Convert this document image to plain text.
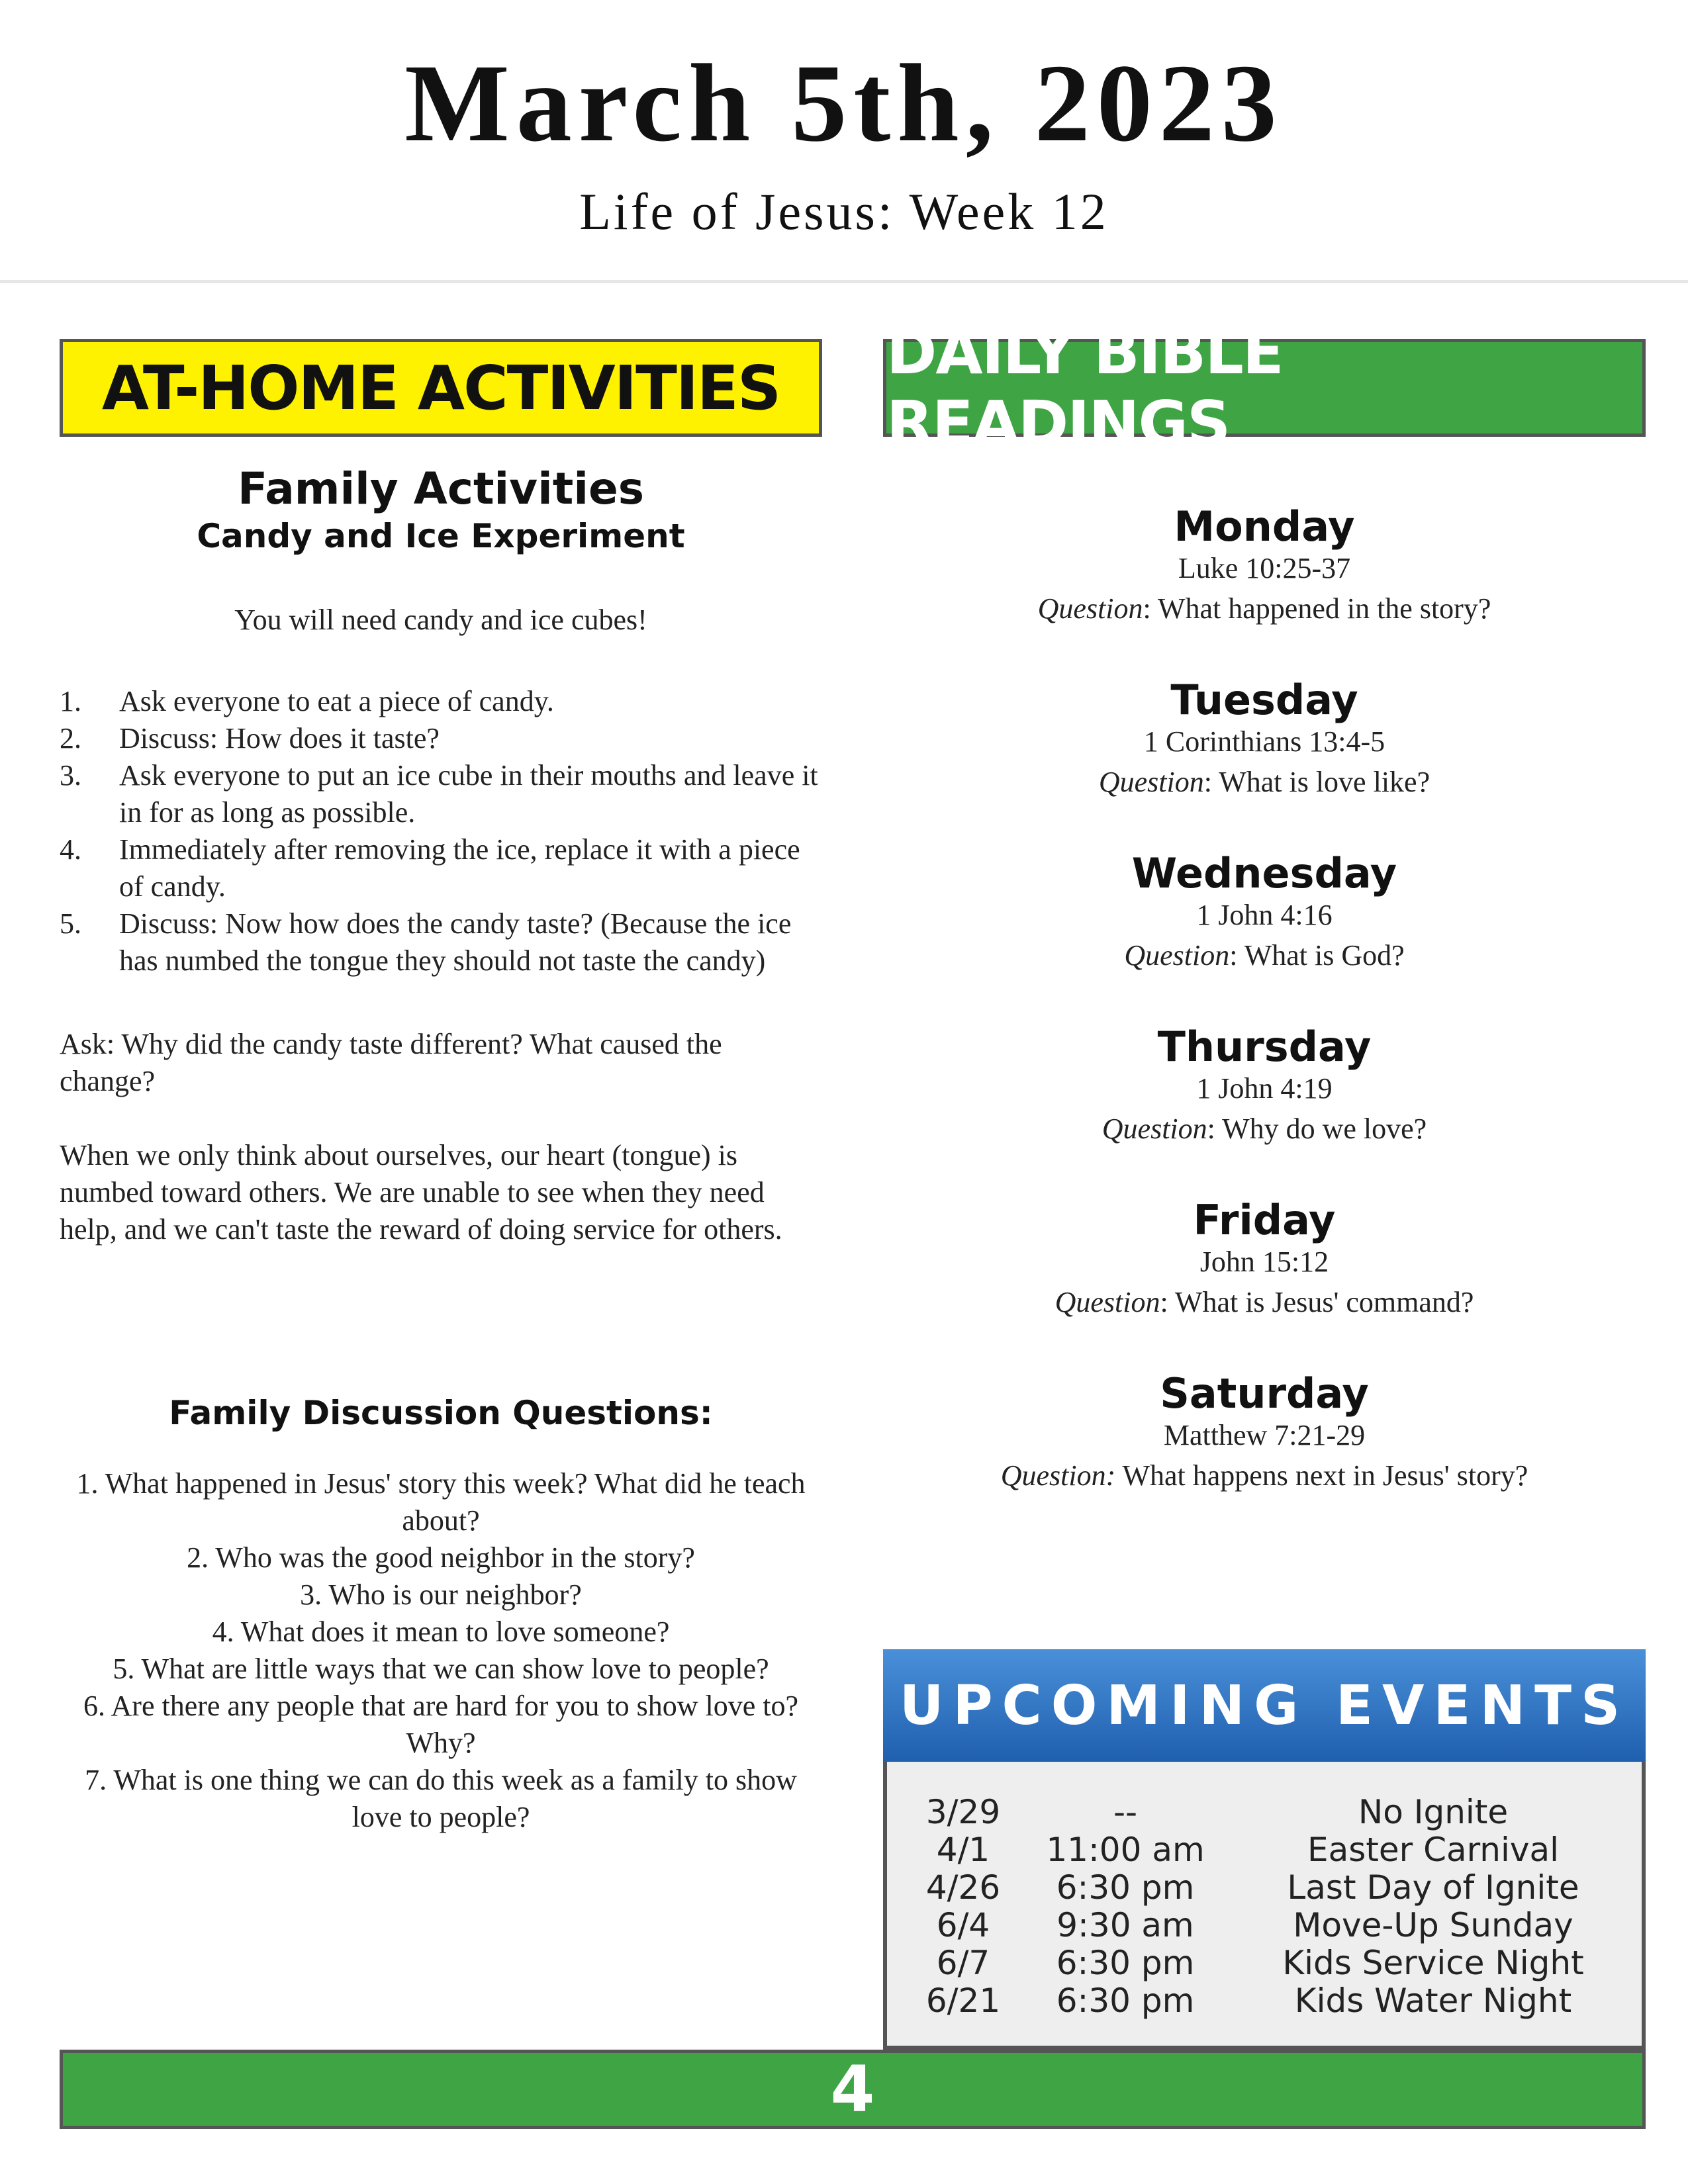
March 5th, 2023
Life of Jesus: Week 12
AT-HOME ACTIVITIES	DAILY BIBLE READINGS
Family Activities
Candy and Ice Experiment
You will need candy and ice cubes!
1. Ask everyone to eat a piece of candy.
2. Discuss: How does it taste?
3. Ask everyone to put an ice cube in their mouths and leave it in for as long as possible.
4. Immediately after removing the ice, replace it with a piece of candy.
5. Discuss: Now how does the candy taste? (Because the ice has numbed the tongue they should not taste the candy)

Ask: Why did the candy taste different? What caused the change?

When we only think about ourselves, our heart (tongue) is numbed toward others. We are unable to see when they need help, and we can't taste the reward of doing service for others.

Family Discussion Questions:
1. What happened in Jesus' story this week? What did he teach about?
2. Who was the good neighbor in the story?
3. Who is our neighbor?
4. What does it mean to love someone?
5. What are little ways that we can show love to people?
6. Are there any people that are hard for you to show love to? Why?
7. What is one thing we can do this week as a family to show love to people?
Monday
Luke 10:25-37
Question: What happened in the story?
Tuesday
1 Corinthians 13:4-5
Question: What is love like?
Wednesday
1 John 4:16
Question: What is God?
Thursday
1 John 4:19
Question: Why do we love?
Friday
John 15:12
Question: What is Jesus' command?
Saturday
Matthew 7:21-29
Question: What happens next in Jesus' story?
UPCOMING EVENTS
3/29	--	No Ignite
4/1	11:00 am	Easter Carnival
4/26	6:30 pm	Last Day of Ignite
6/4	9:30 am	Move-Up Sunday
6/7	6:30 pm	Kids Service Night
6/21	6:30 pm	Kids Water Night
4
